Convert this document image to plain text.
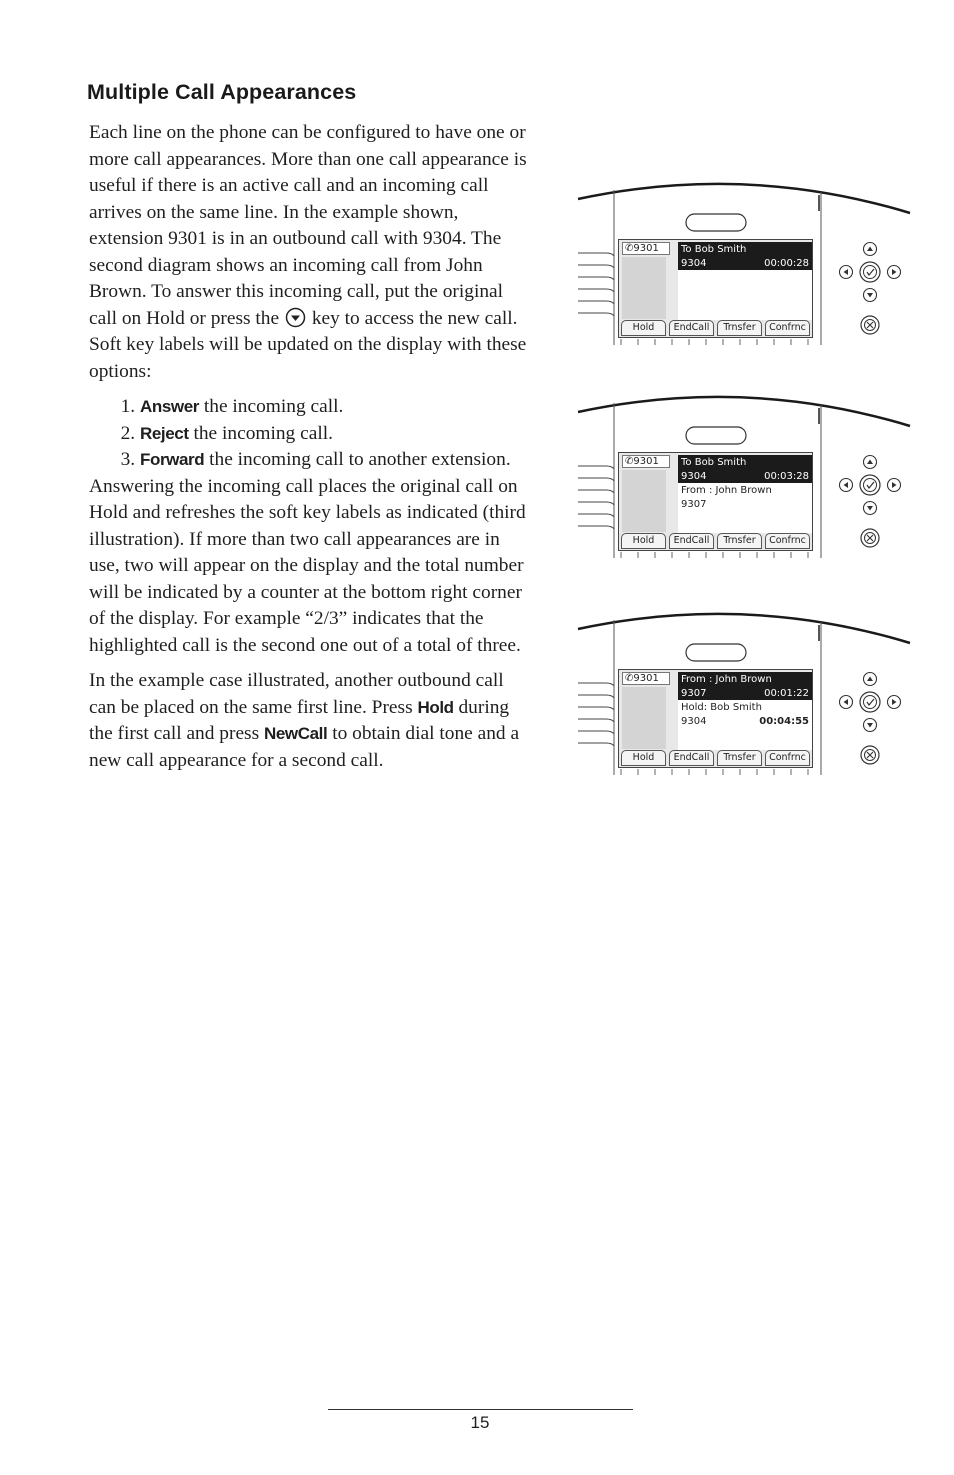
Multiple Call Appearances

Each line on the phone can be configured to have one or more call appearances. More than one call appearance is useful if there is an active call and an incoming call arrives on the same line. In the example shown, extension 9301 is in an outbound call with 9304. The second diagram shows an incoming call from John Brown. To answer this incoming call, put the original call on Hold or press the key to access the new call. Soft key labels will be updated on the display with these options:

1. Answer the incoming call.
2. Reject the incoming call.
3. Forward the incoming call to another extension.

Answering the incoming call places the original call on Hold and refreshes the soft key labels as indicated (third illustration). If more than two call appearances are in use, two will appear on the display and the total number will be indicated by a counter at the bottom right corner of the display. For example “2/3” indicates that the highlighted call is the second one out of a total of three.

In the example case illustrated, another outbound call can be placed on the same first line. Press Hold during the first call and press NewCall to obtain dial tone and a new call appearance for a second call.

✆9301	To Bob Smith
9304	00:00:28
Hold	EndCall	Trnsfer	Confrnc
✆9301	To Bob Smith
9304	00:03:28
From : John Brown
9307
Hold	EndCall	Trnsfer	Confrnc
✆9301	From : John Brown
9307	00:01:22
Hold: Bob Smith
9304	00:04:55
Hold	EndCall	Trnsfer	Confrnc
15
